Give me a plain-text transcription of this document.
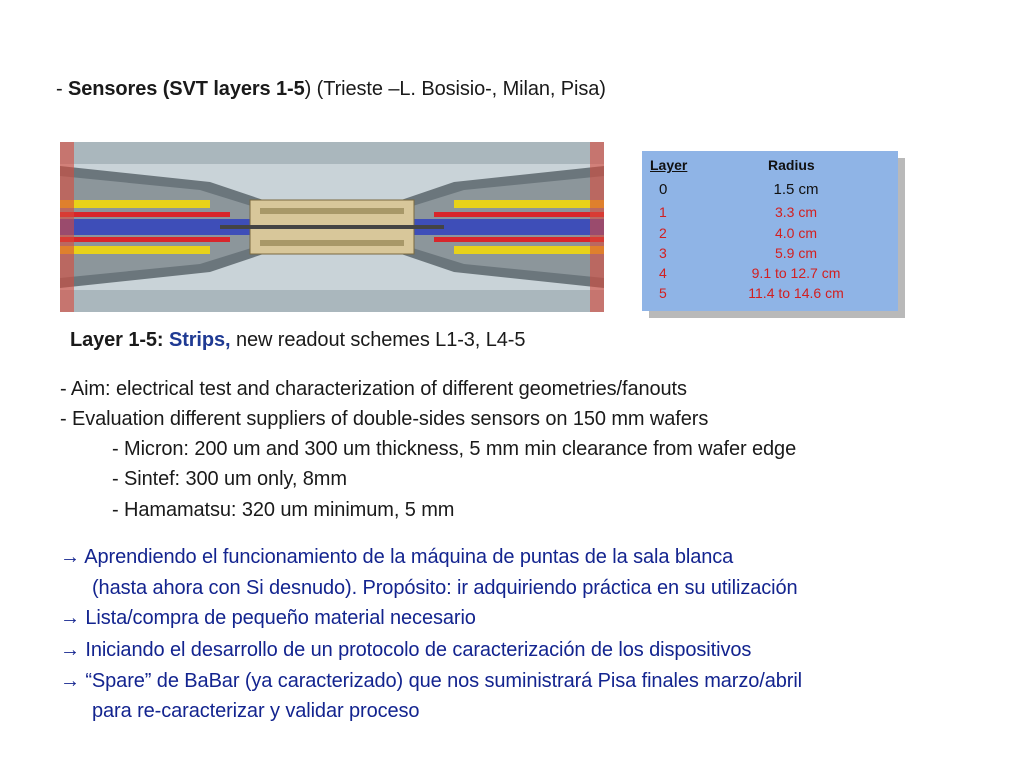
- Sensores (SVT layers 1-5) (Trieste –L. Bosisio-, Milan, Pisa)
Layer	Radius
0	1.5 cm
1	3.3 cm
2	4.0 cm
3	5.9 cm
4	9.1 to 12.7 cm
5	11.4 to 14.6 cm
Layer 1-5: Strips, new readout schemes L1-3, L4-5
- Aim: electrical test and characterization of different geometries/fanouts
- Evaluation different suppliers of double-sides sensors on 150 mm wafers
- Micron: 200 um and 300 um thickness, 5 mm min clearance from wafer edge
- Sintef: 300 um only, 8mm
- Hamamatsu: 320 um minimum, 5 mm
→ Aprendiendo el funcionamiento de la máquina de puntas de la sala blanca
(hasta ahora con Si desnudo). Propósito: ir adquiriendo práctica en su utilización
→ Lista/compra de pequeño material necesario
→ Iniciando el desarrollo de un protocolo de caracterización de los dispositivos
→ “Spare” de BaBar (ya caracterizado) que nos suministrará Pisa finales marzo/abril
para re-caracterizar y validar proceso
